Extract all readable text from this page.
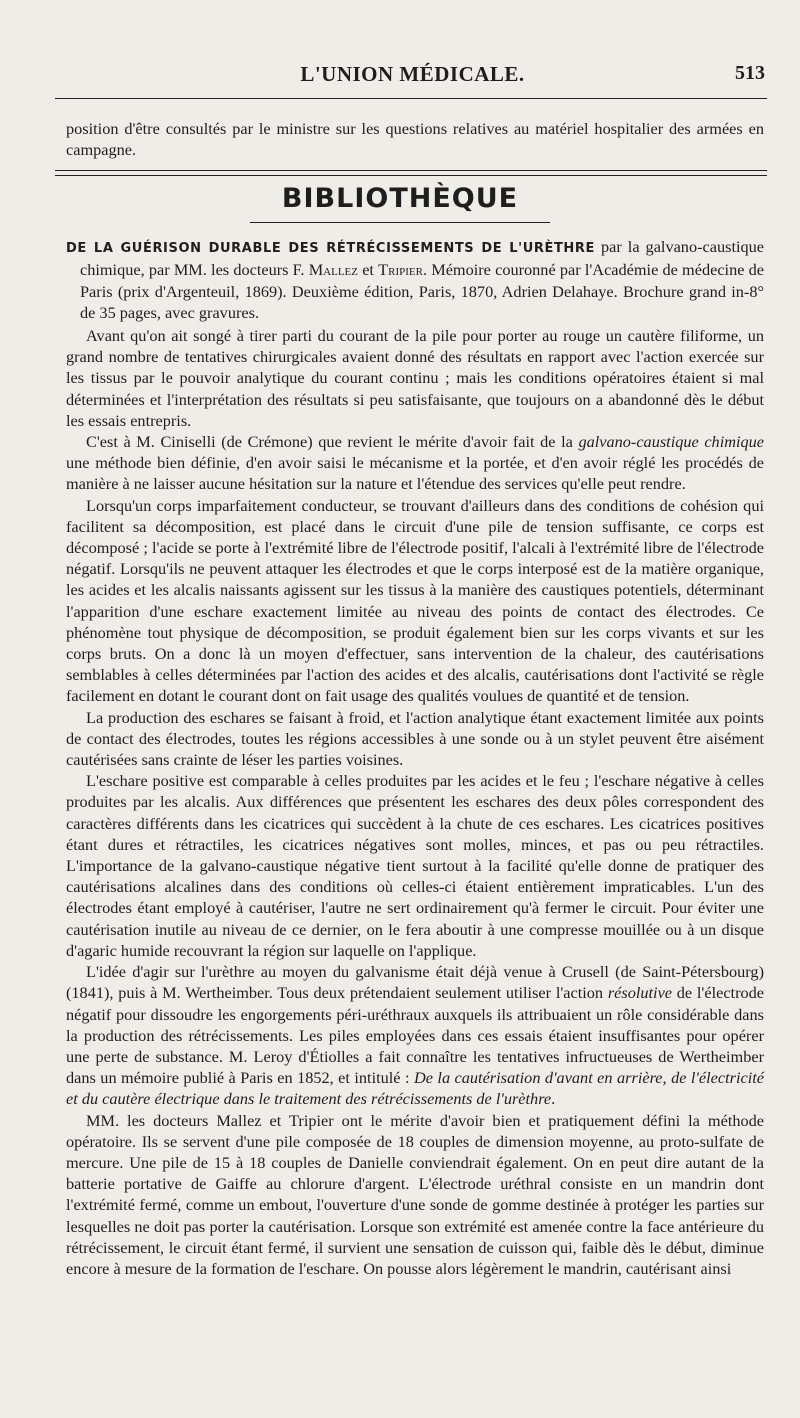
L'UNION MÉDICALE.	513

position d'être consultés par le ministre sur les questions relatives au matériel hospitalier des armées en campagne.

BIBLIOTHÈQUE

DE LA GUÉRISON DURABLE DES RÉTRÉCISSEMENTS DE L'URÈTHRE par la galvano-caustique chimique, par MM. les docteurs F. Mallez et Tripier. Mémoire couronné par l'Académie de médecine de Paris (prix d'Argenteuil, 1869). Deuxième édition, Paris, 1870, Adrien Delahaye. Brochure grand in-8° de 35 pages, avec gravures.

Avant qu'on ait songé à tirer parti du courant de la pile pour porter au rouge un cautère filiforme, un grand nombre de tentatives chirurgicales avaient donné des résultats en rapport avec l'action exercée sur les tissus par le pouvoir analytique du courant continu ; mais les conditions opératoires étaient si mal déterminées et l'interprétation des résultats si peu satisfaisante, que toujours on a abandonné dès le début les essais entrepris.

C'est à M. Ciniselli (de Crémone) que revient le mérite d'avoir fait de la galvano-caustique chimique une méthode bien définie, d'en avoir saisi le mécanisme et la portée, et d'en avoir réglé les procédés de manière à ne laisser aucune hésitation sur la nature et l'étendue des services qu'elle peut rendre.

Lorsqu'un corps imparfaitement conducteur, se trouvant d'ailleurs dans des conditions de cohésion qui facilitent sa décomposition, est placé dans le circuit d'une pile de tension suffisante, ce corps est décomposé ; l'acide se porte à l'extrémité libre de l'électrode positif, l'alcali à l'extrémité libre de l'électrode négatif. Lorsqu'ils ne peuvent attaquer les électrodes et que le corps interposé est de la matière organique, les acides et les alcalis naissants agissent sur les tissus à la manière des caustiques potentiels, déterminant l'apparition d'une eschare exactement limitée au niveau des points de contact des électrodes. Ce phénomène tout physique de décomposition, se produit également bien sur les corps vivants et sur les corps bruts. On a donc là un moyen d'effectuer, sans intervention de la chaleur, des cautérisations semblables à celles déterminées par l'action des acides et des alcalis, cautérisations dont l'activité se règle facilement en dotant le courant dont on fait usage des qualités voulues de quantité et de tension.

La production des eschares se faisant à froid, et l'action analytique étant exactement limitée aux points de contact des électrodes, toutes les régions accessibles à une sonde ou à un stylet peuvent être aisément cautérisées sans crainte de léser les parties voisines.

L'eschare positive est comparable à celles produites par les acides et le feu ; l'eschare négative à celles produites par les alcalis. Aux différences que présentent les eschares des deux pôles correspondent des caractères différents dans les cicatrices qui succèdent à la chute de ces eschares. Les cicatrices positives étant dures et rétractiles, les cicatrices négatives sont molles, minces, et pas ou peu rétractiles. L'importance de la galvano-caustique négative tient surtout à la facilité qu'elle donne de pratiquer des cautérisations alcalines dans des conditions où celles-ci étaient entièrement impraticables. L'un des électrodes étant employé à cautériser, l'autre ne sert ordinairement qu'à fermer le circuit. Pour éviter une cautérisation inutile au niveau de ce dernier, on le fera aboutir à une compresse mouillée ou à un disque d'agaric humide recouvrant la région sur laquelle on l'applique.

L'idée d'agir sur l'urèthre au moyen du galvanisme était déjà venue à Crusell (de Saint-Pétersbourg) (1841), puis à M. Wertheimber. Tous deux prétendaient seulement utiliser l'action résolutive de l'électrode négatif pour dissoudre les engorgements péri-uréthraux auxquels ils attribuaient un rôle considérable dans la production des rétrécissements. Les piles employées dans ces essais étaient insuffisantes pour opérer une perte de substance. M. Leroy d'Étiolles a fait connaître les tentatives infructueuses de Wertheimber dans un mémoire publié à Paris en 1852, et intitulé : De la cautérisation d'avant en arrière, de l'électricité et du cautère électrique dans le traitement des rétrécissements de l'urèthre.

MM. les docteurs Mallez et Tripier ont le mérite d'avoir bien et pratiquement défini la méthode opératoire. Ils se servent d'une pile composée de 18 couples de dimension moyenne, au proto-sulfate de mercure. Une pile de 15 à 18 couples de Danielle conviendrait également. On en peut dire autant de la batterie portative de Gaiffe au chlorure d'argent. L'électrode uréthral consiste en un mandrin dont l'extrémité fermé, comme un embout, l'ouverture d'une sonde de gomme destinée à protéger les parties sur lesquelles ne doit pas porter la cautérisation. Lorsque son extrémité est amenée contre la face antérieure du rétrécissement, le circuit étant fermé, il survient une sensation de cuisson qui, faible dès le début, diminue encore à mesure de la formation de l'eschare. On pousse alors légèrement le mandrin, cautérisant ainsi
